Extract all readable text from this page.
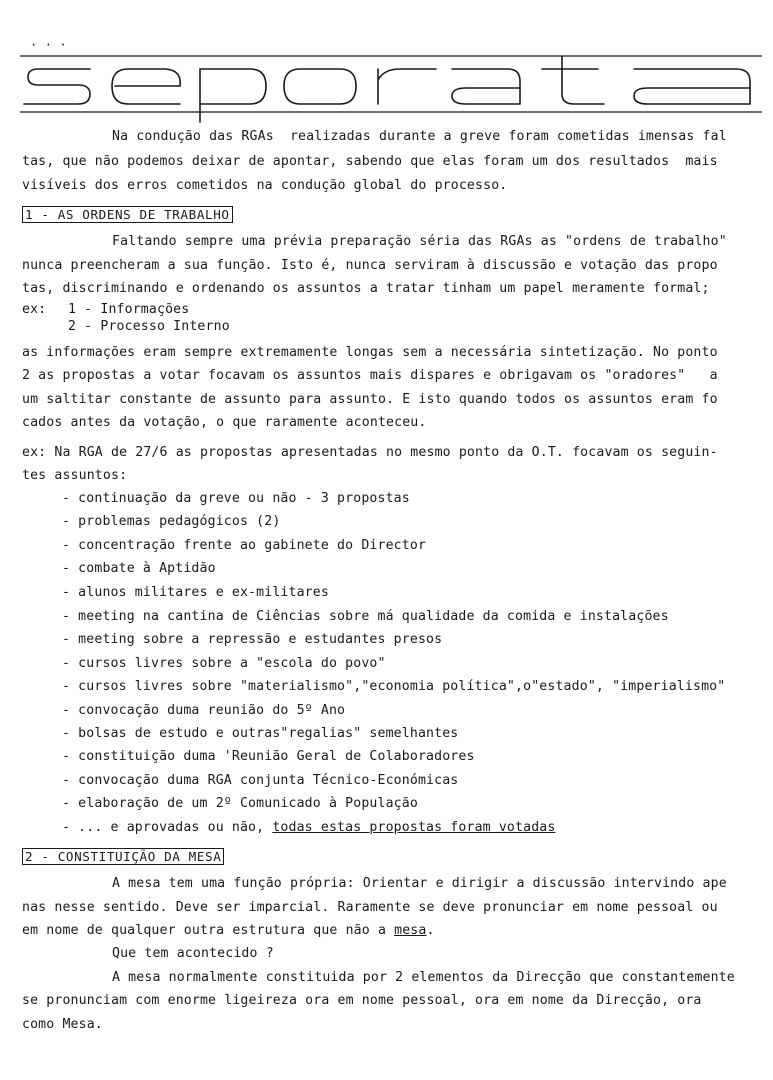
· · ·
Na condução das RGAs  realizadas durante a greve foram cometidas imensas fal
tas, que não podemos deixar de apontar, sabendo que elas foram um dos resultados  mais
visíveis dos erros cometidos na condução global do processo.
1 - AS ORDENS DE TRABALHO
Faltando sempre uma prévia preparação séria das RGAs as "ordens de trabalho"
nunca preencheram a sua função. Isto é, nunca serviram à discussão e votação das propo
tas, discriminando e ordenando os assuntos a tratar tinham um papel meramente formal;
ex: 1 - Informações
2 - Processo Interno
as informações eram sempre extremamente longas sem a necessária sintetização. No ponto
2 as propostas a votar focavam os assuntos mais dispares e obrigavam os "oradores"   a
um saltitar constante de assunto para assunto. E isto quando todos os assuntos eram fo
cados antes da votação, o que raramente aconteceu.
ex: Na RGA de 27/6 as propostas apresentadas no mesmo ponto da O.T. focavam os seguin-
tes assuntos:
- continuação da greve ou não - 3 propostas
- problemas pedagógicos (2)
- concentração frente ao gabinete do Director
- combate à Aptidão
- alunos militares e ex-militares
- meeting na cantina de Ciências sobre má qualidade da comida e instalações
- meeting sobre a repressão e estudantes presos
- cursos livres sobre a "escola do povo"
- cursos livres sobre "materialismo","economia política",o"estado", "imperialismo"
- convocação duma reunião do 5º Ano
- bolsas de estudo e outras"regalias" semelhantes
- constituição duma 'Reunião Geral de Colaboradores
- convocação duma RGA conjunta Técnico-Económicas
- elaboração de um 2º Comunicado à População
- ... e aprovadas ou não, todas estas propostas foram votadas
2 - CONSTITUIÇÃO DA MESA
A mesa tem uma função própria: Orientar e dirigir a discussão intervindo ape
nas nesse sentido. Deve ser imparcial. Raramente se deve pronunciar em nome pessoal ou
em nome de qualquer outra estrutura que não a mesa.
Que tem acontecido ?
A mesa normalmente constituida por 2 elementos da Direcção que constantemente
se pronunciam com enorme ligeireza ora em nome pessoal, ora em nome da Direcção, ora
como Mesa.
